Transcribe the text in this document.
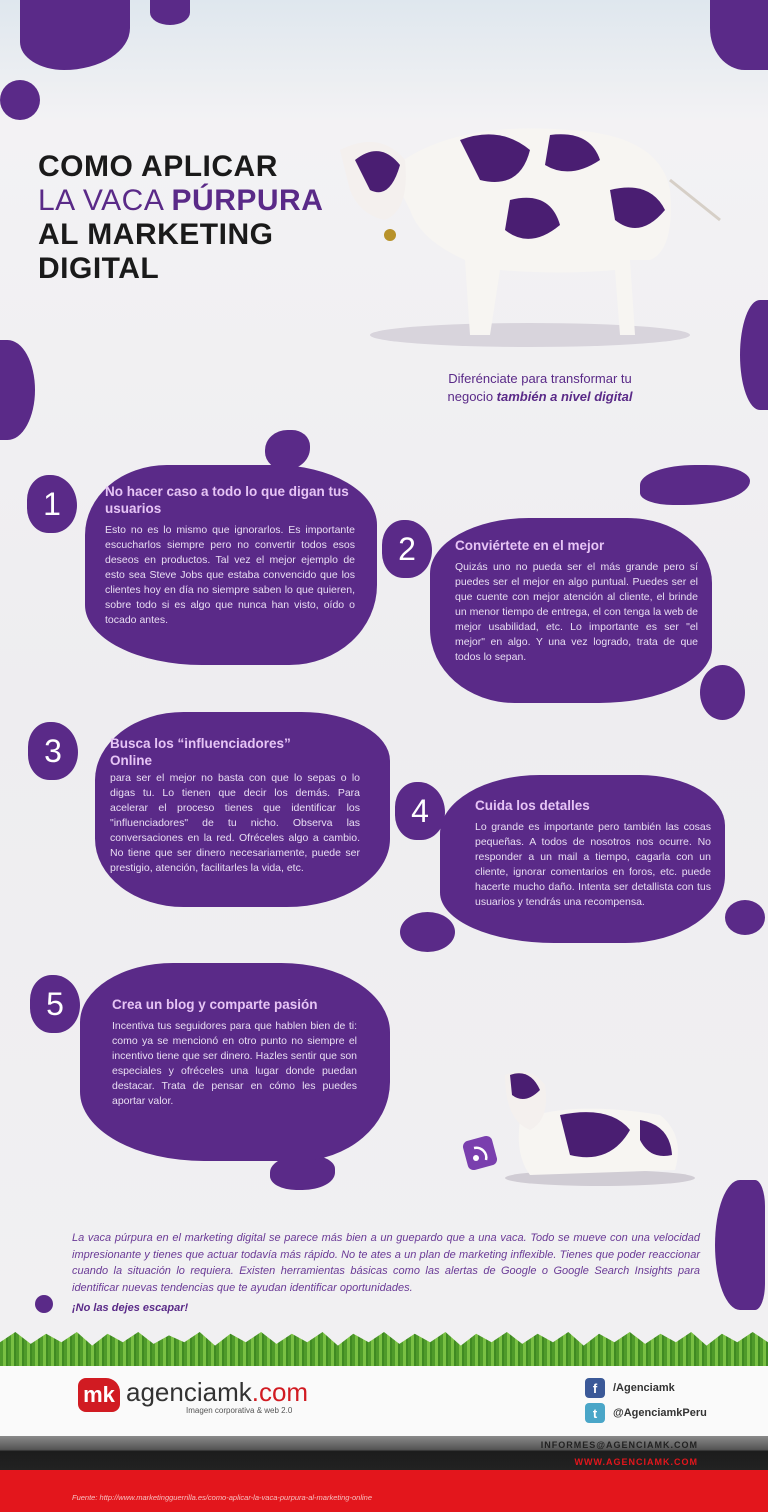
COMO APLICAR
LA VACA PÚRPURA
AL MARKETING
DIGITAL
Diferénciate para transformar tu negocio también a nivel digital
1	No hacer caso a todo lo que digan tus usuarios

Esto no es lo mismo que ignorarlos. Es importante escucharlos siempre pero no convertir todos esos deseos en productos. Tal vez el mejor ejemplo de esto sea Steve Jobs que estaba convencido que los clientes hoy en día no siempre saben lo que quieren, sobre todo si es algo que nunca han visto, oído o tocado antes.

2	Conviértete en el mejor

Quizás uno no pueda ser el más grande pero sí puedes ser el mejor en algo puntual. Puedes ser el que cuente con mejor atención al cliente, el brinde un menor tiempo de entrega, el con tenga la web de mejor usabilidad, etc. Lo importante es ser "el mejor" en algo. Y una vez logrado, trata de que todos lo sepan.

3	Busca los “influenciadores” Online

para ser el mejor no basta con que lo sepas o lo digas tu. Lo tienen que decir los demás. Para acelerar el proceso tienes que identificar los "influenciadores" de tu nicho. Observa las conversaciones en la red. Ofréceles algo a cambio. No tiene que ser dinero necesariamente, puede ser prestigio, atención, facilitarles la vida, etc.

4	Cuida los detalles

Lo grande es importante pero también las cosas pequeñas. A todos de nosotros nos ocurre. No responder a un mail a tiempo, cagarla con un cliente, ignorar comentarios en foros, etc. puede hacerte mucho daño. Intenta ser detallista con tus usuarios y tendrás una recompensa.

5	Crea un blog y comparte pasión

Incentiva tus seguidores para que hablen bien de ti: como ya se mencionó en otro punto no siempre el incentivo tiene que ser dinero. Hazles sentir que son especiales y ofréceles una lugar donde puedan destacar. Trata de pensar en cómo les puedes aportar valor.

La vaca púrpura en el marketing digital se parece más bien a un guepardo que a una vaca. Todo se mueve con una velocidad impresionante y tienes que actuar todavía más rápido. No te ates a un plan de marketing inflexible. Tienes que poder reaccionar cuando la situación lo requiera. Existen herramientas básicas como las alertas de Google o Google Search Insights para identificar nuevas tendencias que te ayudan identificar oportunidades.

¡No las dejes escapar!
mk agenciamk.com
Imagen corporativa & web 2.0
f	/Agenciamk
t	@AgenciamkPeru
INFORMES@AGENCIAMK.COM
WWW.AGENCIAMK.COM
Fuente: http://www.marketingguerrilla.es/como-aplicar-la-vaca-purpura-al-marketing-online
